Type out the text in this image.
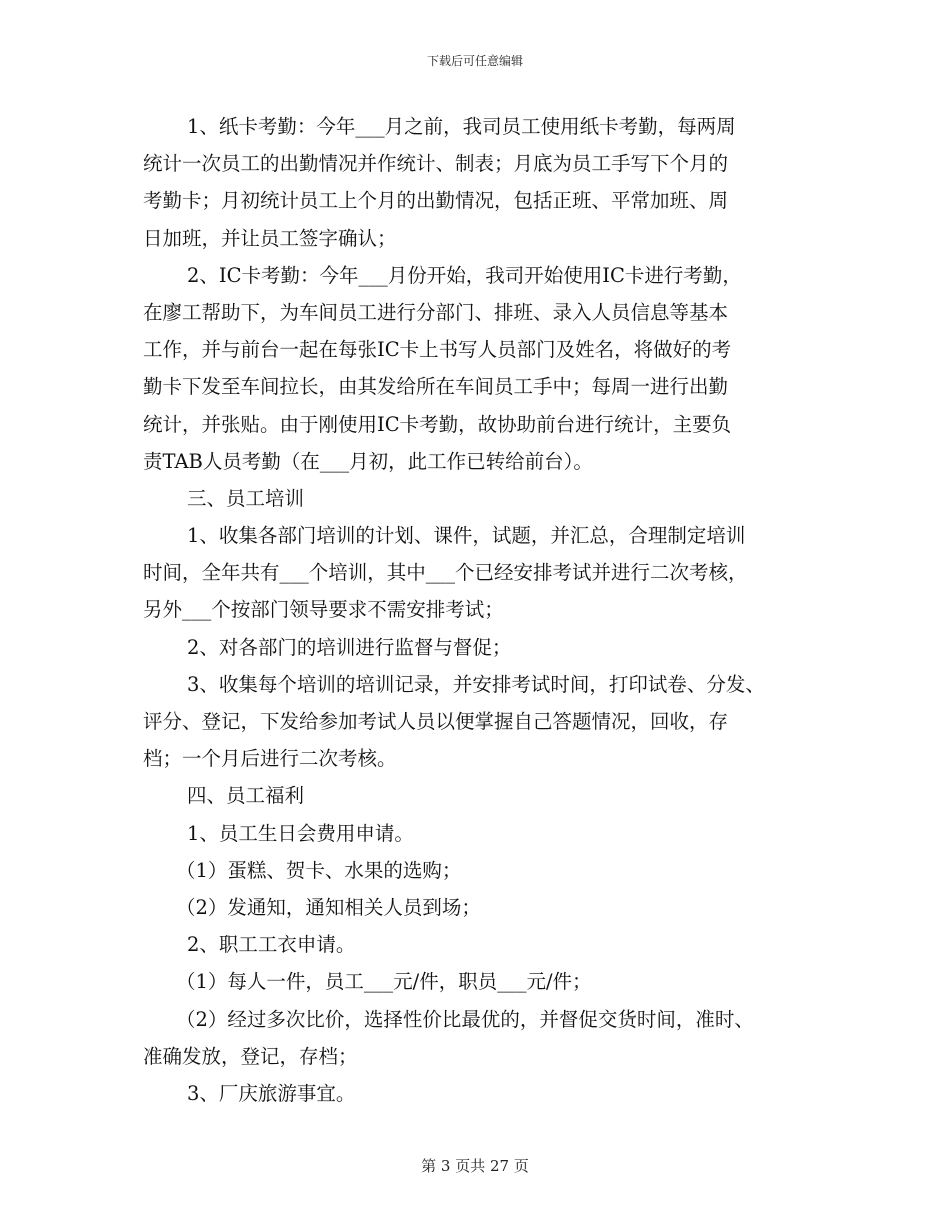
下载后可任意编辑
1、纸卡考勤：今年___月之前，我司员工使用纸卡考勤，每两周
统计一次员工的出勤情况并作统计、制表；月底为员工手写下个月的
考勤卡；月初统计员工上个月的出勤情况，包括正班、平常加班、周
日加班，并让员工签字确认；
2、IC卡考勤：今年___月份开始，我司开始使用IC卡进行考勤，
在廖工帮助下，为车间员工进行分部门、排班、录入人员信息等基本
工作，并与前台一起在每张IC卡上书写人员部门及姓名，将做好的考
勤卡下发至车间拉长，由其发给所在车间员工手中；每周一进行出勤
统计，并张贴。由于刚使用IC卡考勤，故协助前台进行统计，主要负
责TAB人员考勤（在___月初，此工作已转给前台）。
三、员工培训
1、收集各部门培训的计划、课件，试题，并汇总，合理制定培训
时间，全年共有___个培训，其中___个已经安排考试并进行二次考核，
另外___个按部门领导要求不需安排考试；
2、对各部门的培训进行监督与督促；
3、收集每个培训的培训记录，并安排考试时间，打印试卷、分发、
评分、登记，下发给参加考试人员以便掌握自己答题情况，回收，存
档；一个月后进行二次考核。
四、员工福利
1、员工生日会费用申请。
（1）蛋糕、贺卡、水果的选购；
（2）发通知，通知相关人员到场；
2、职工工衣申请。
（1）每人一件，员工___元/件，职员___元/件；
（2）经过多次比价，选择性价比最优的，并督促交货时间，准时、
准确发放，登记，存档；
3、厂庆旅游事宜。
第 3 页共 27 页
